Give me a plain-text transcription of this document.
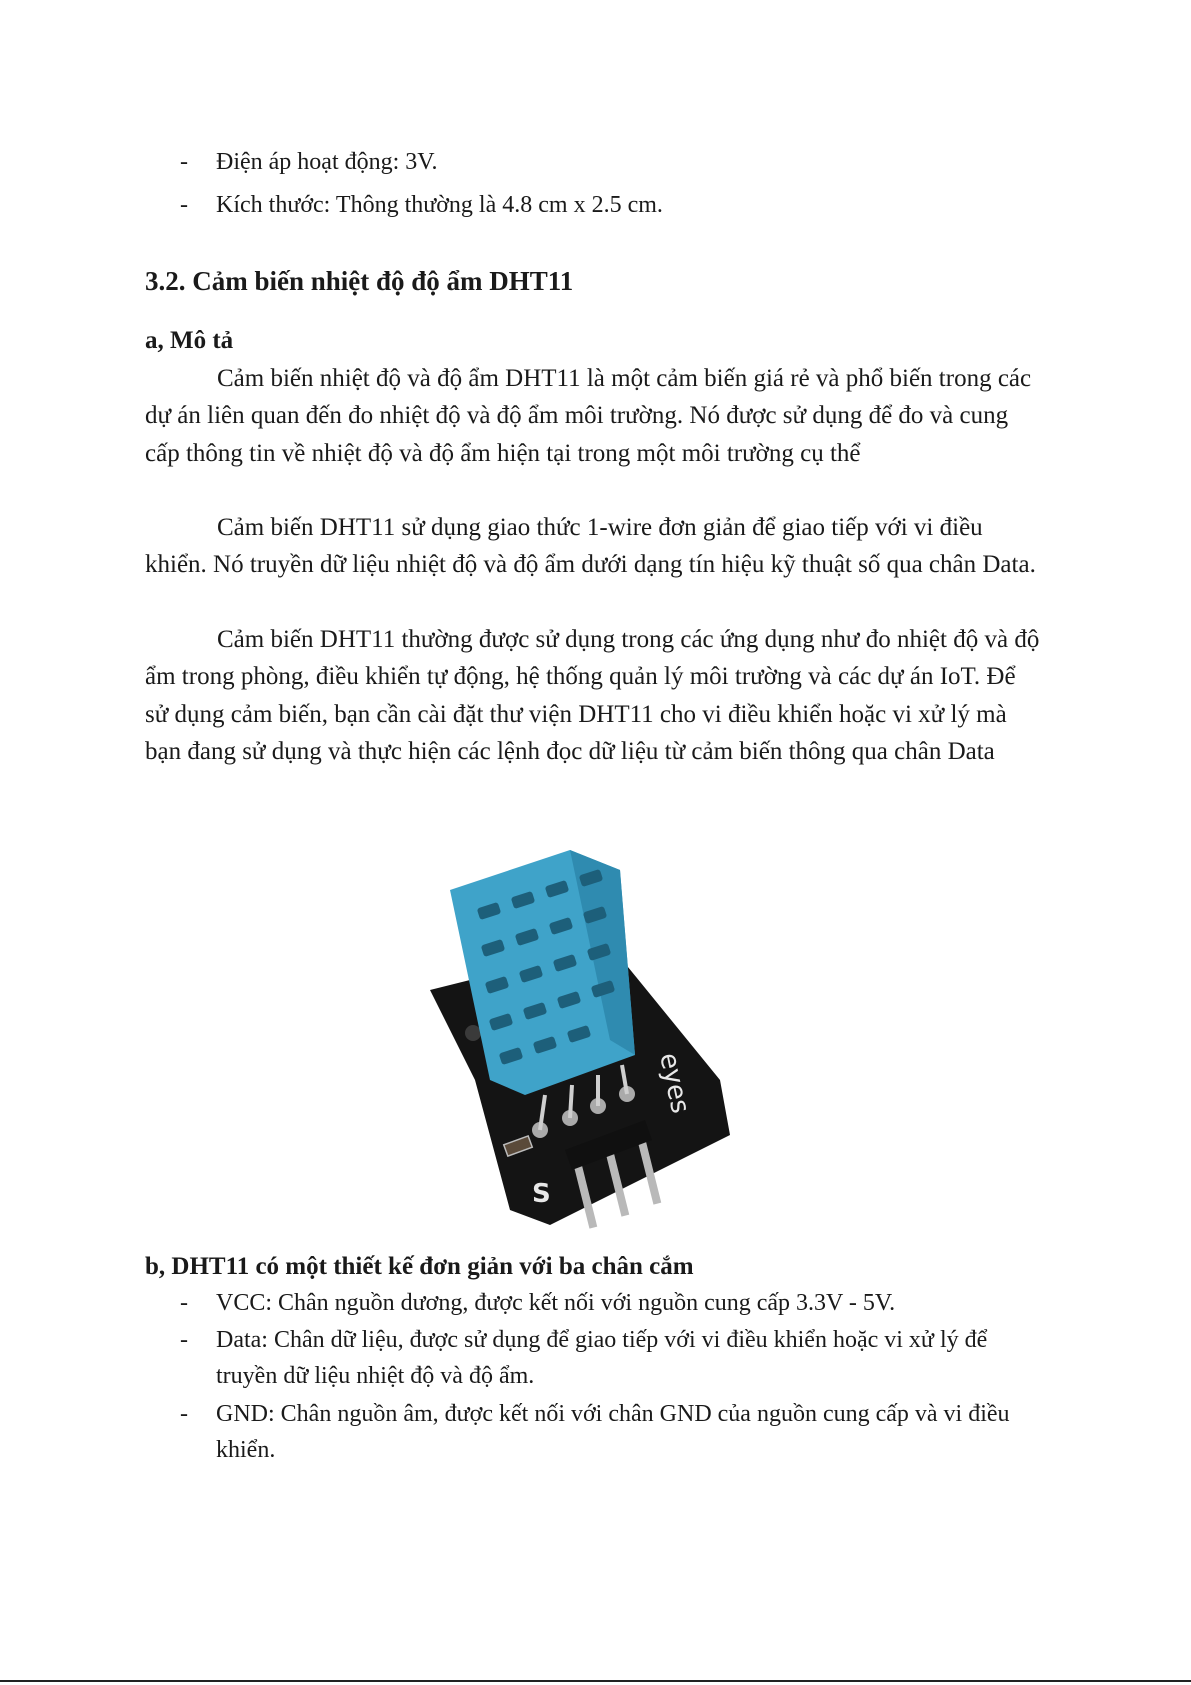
- Điện áp hoạt động: 3V.
- Kích thước: Thông thường là 4.8 cm x 2.5 cm.
3.2. Cảm biến nhiệt độ độ ẩm DHT11
a, Mô tả

Cảm biến nhiệt độ và độ ẩm DHT11 là một cảm biến giá rẻ và phổ biến trong các dự án liên quan đến đo nhiệt độ và độ ẩm môi trường. Nó được sử dụng để đo và cung cấp thông tin về nhiệt độ và độ ẩm hiện tại trong một môi trường cụ thể

Cảm biến DHT11 sử dụng giao thức 1-wire đơn giản để giao tiếp với vi điều khiển. Nó truyền dữ liệu nhiệt độ và độ ẩm dưới dạng tín hiệu kỹ thuật số qua chân Data.

Cảm biến DHT11 thường được sử dụng trong các ứng dụng như đo nhiệt độ và độ ẩm trong phòng, điều khiển tự động, hệ thống quản lý môi trường và các dự án IoT. Để sử dụng cảm biến, bạn cần cài đặt thư viện DHT11 cho vi điều khiển hoặc vi xử lý mà bạn đang sử dụng và thực hiện các lệnh đọc dữ liệu từ cảm biến thông qua chân Data

eyes
S
b, DHT11 có một thiết kế đơn giản với ba chân cắm
- VCC: Chân nguồn dương, được kết nối với nguồn cung cấp 3.3V - 5V.
- Data: Chân dữ liệu, được sử dụng để giao tiếp với vi điều khiển hoặc vi xử lý để truyền dữ liệu nhiệt độ và độ ẩm.
- GND: Chân nguồn âm, được kết nối với chân GND của nguồn cung cấp và vi điều khiển.
